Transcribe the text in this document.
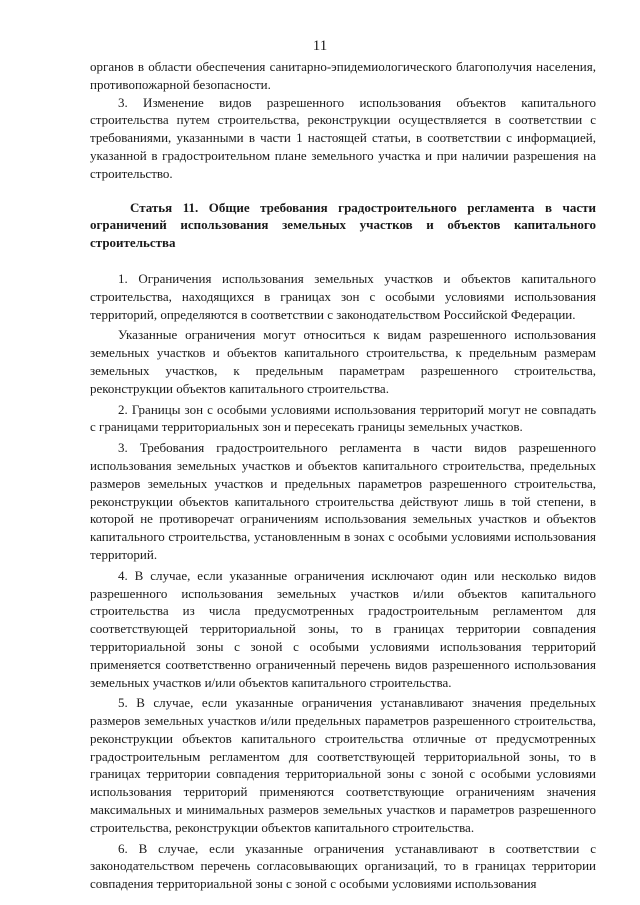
11

органов в области обеспечения санитарно-эпидемиологического благополучия населения, противопожарной безопасности.

3. Изменение видов разрешенного использования объектов капитального строительства путем строительства, реконструкции осуществляется в соответствии с требованиями, указанными в части 1 настоящей статьи, в соответствии с информацией, указанной в градостроительном плане земельного участка и при наличии разрешения на строительство.

Статья 11. Общие требования градостроительного регламента в части ограничений использования земельных участков и объектов капитального строительства

1. Ограничения использования земельных участков и объектов капитального строительства, находящихся в границах зон с особыми условиями использования территорий, определяются в соответствии с законодательством Российской Федерации.

Указанные ограничения могут относиться к видам разрешенного использования земельных участков и объектов капитального строительства, к предельным размерам земельных участков, к предельным параметрам разрешенного строительства, реконструкции объектов капитального строительства.

2. Границы зон с особыми условиями использования территорий могут не совпадать с границами территориальных зон и пересекать границы земельных участков.

3. Требования градостроительного регламента в части видов разрешенного использования земельных участков и объектов капитального строительства, предельных размеров земельных участков и предельных параметров разрешенного строительства, реконструкции объектов капитального строительства действуют лишь в той степени, в которой не противоречат ограничениям использования земельных участков и объектов капитального строительства, установленным в зонах с особыми условиями использования территорий.

4. В случае, если указанные ограничения исключают один или несколько видов разрешенного использования земельных участков и/или объектов капитального строительства из числа предусмотренных градостроительным регламентом для соответствующей территориальной зоны, то в границах территории совпадения территориальной зоны с зоной с особыми условиями использования территорий применяется соответственно ограниченный перечень видов разрешенного использования земельных участков и/или объектов капитального строительства.

5. В случае, если указанные ограничения устанавливают значения предельных размеров земельных участков и/или предельных параметров разрешенного строительства, реконструкции объектов капитального строительства отличные от предусмотренных градостроительным регламентом для соответствующей территориальной зоны, то в границах территории совпадения территориальной зоны с зоной с особыми условиями использования территорий применяются соответствующие ограничениям значения максимальных и минимальных размеров земельных участков и параметров разрешенного строительства, реконструкции объектов капитального строительства.

6. В случае, если указанные ограничения устанавливают в соответствии с законодательством перечень согласовывающих организаций, то в границах территории совпадения территориальной зоны с зоной с особыми условиями использования
